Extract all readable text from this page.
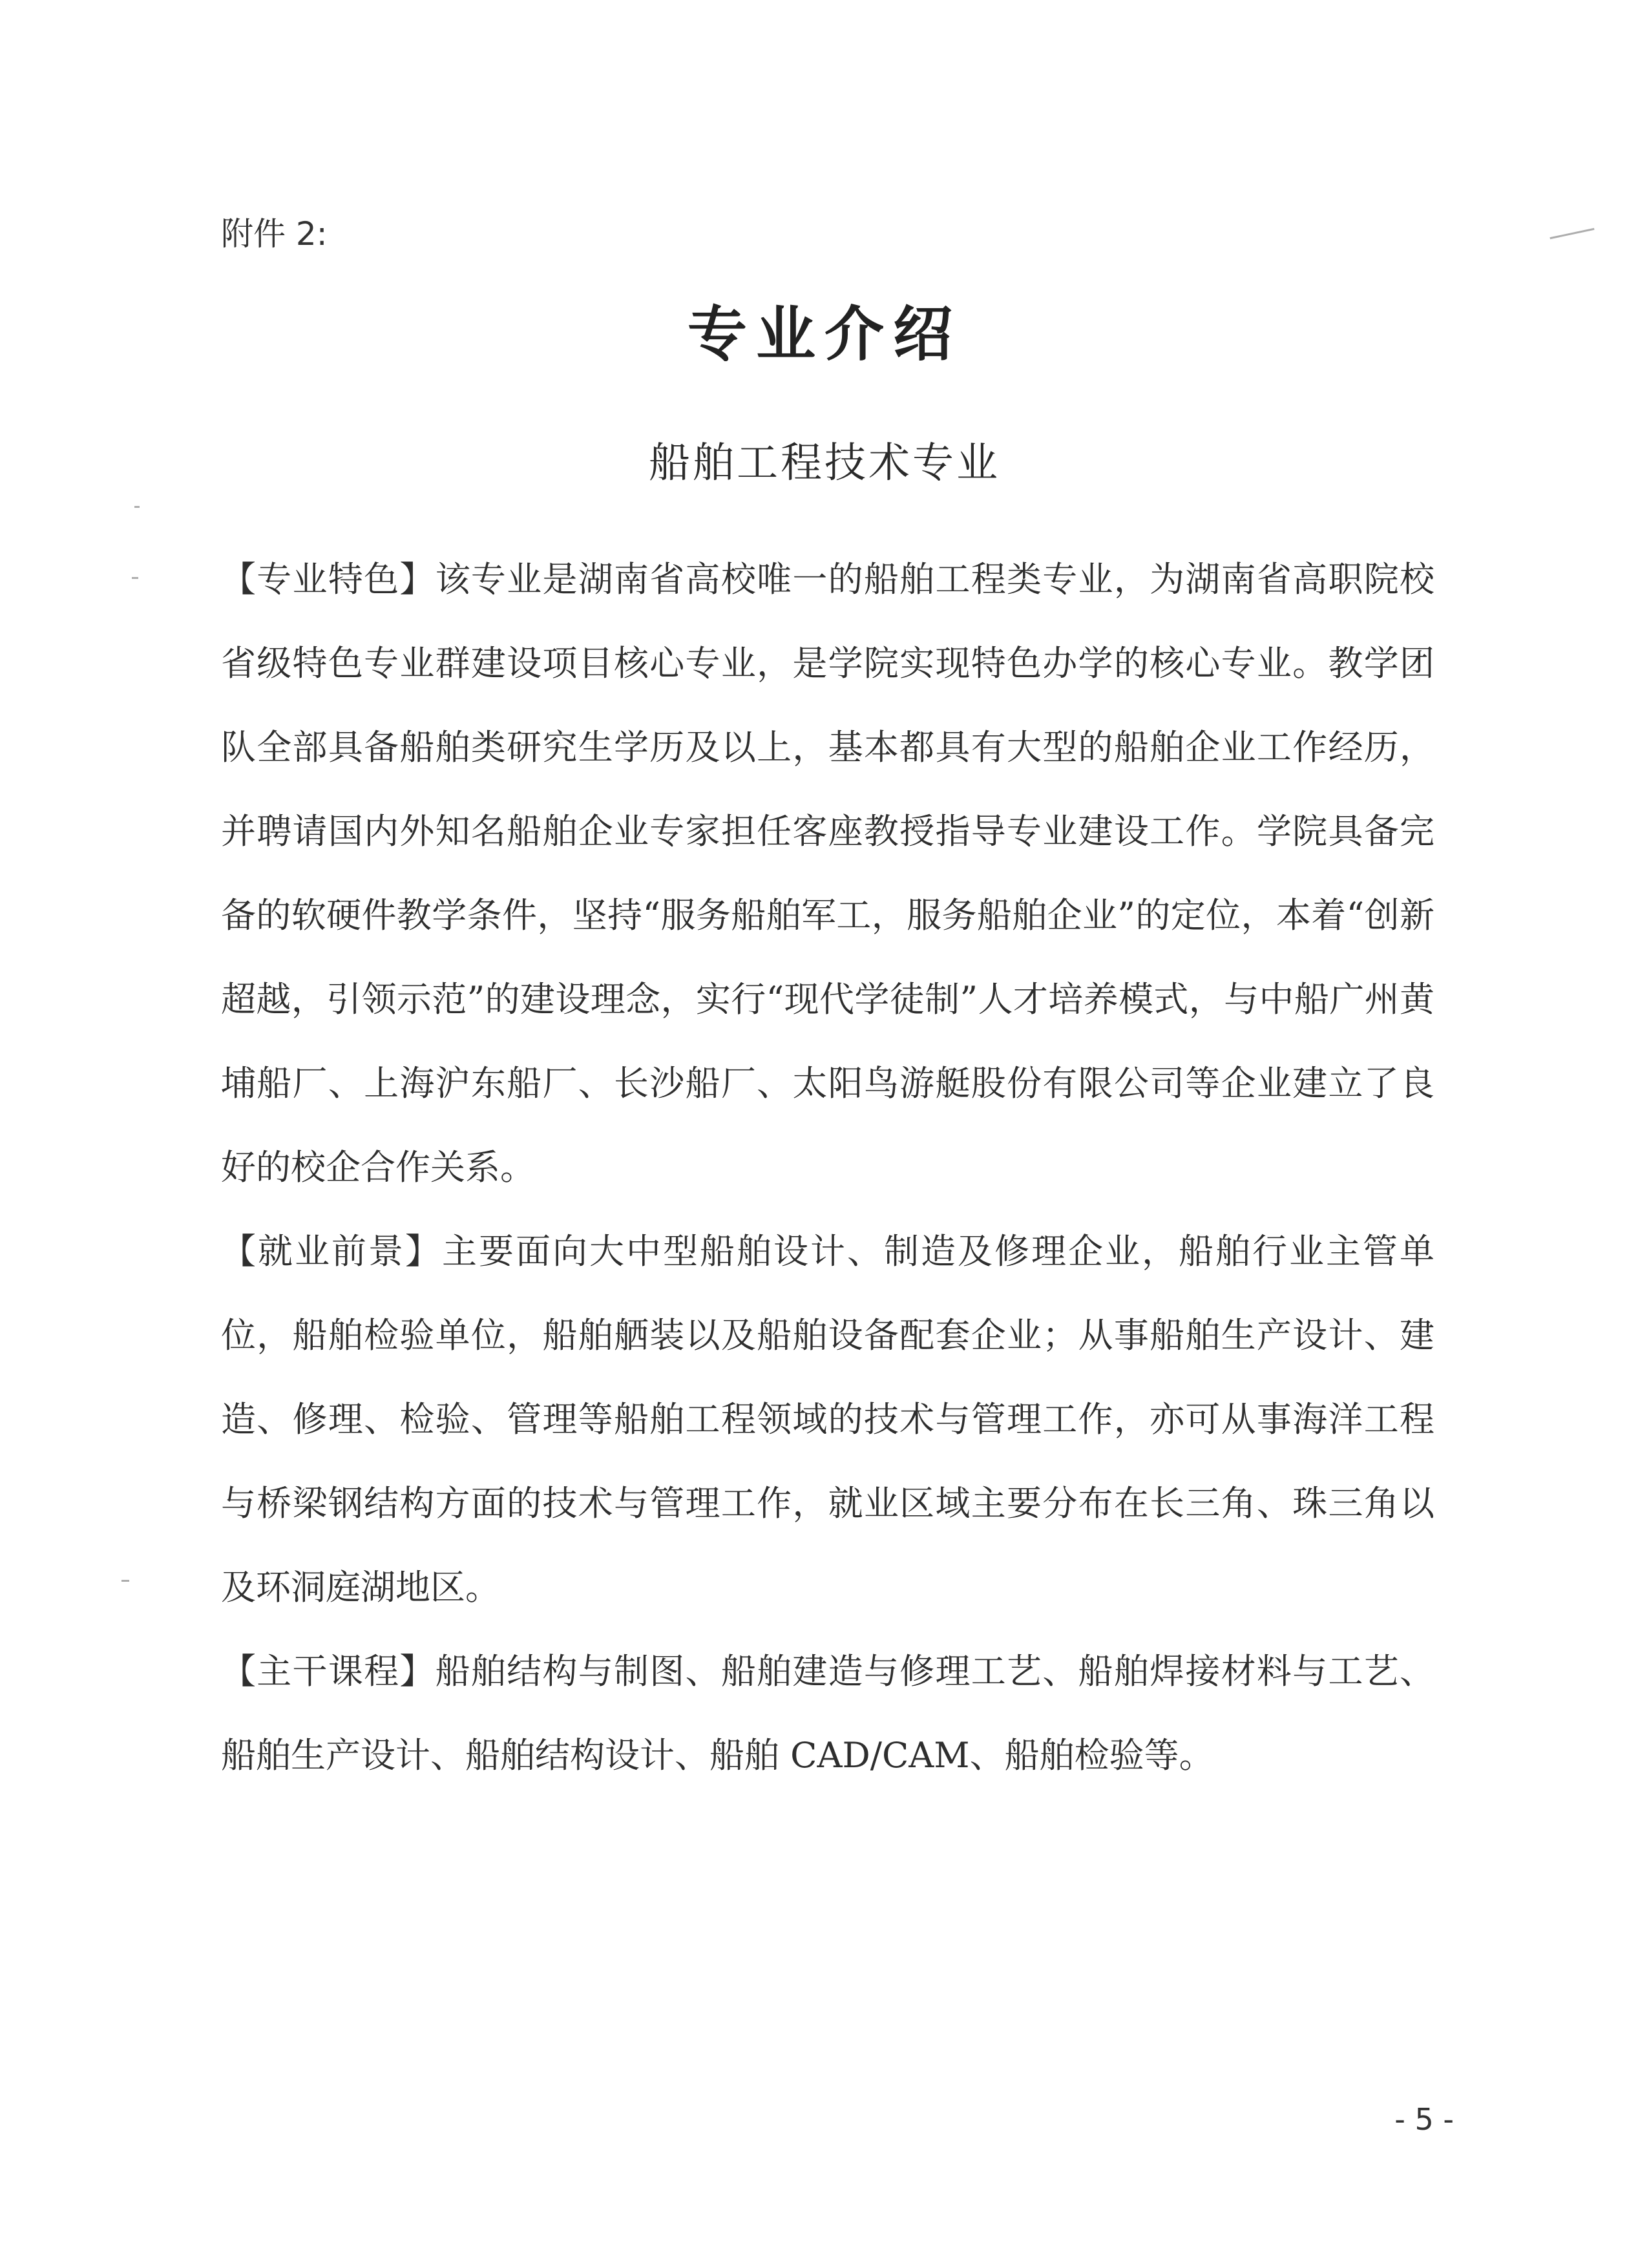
附件 2:
专业介绍
船舶工程技术专业

【专业特色】该专业是湖南省高校唯一的船舶工程类专业，为湖南省高职院校省级特色专业群建设项目核心专业，是学院实现特色办学的核心专业。教学团队全部具备船舶类研究生学历及以上，基本都具有大型的船舶企业工作经历，并聘请国内外知名船舶企业专家担任客座教授指导专业建设工作。学院具备完备的软硬件教学条件，坚持“服务船舶军工，服务船舶企业”的定位，本着“创新超越，引领示范”的建设理念，实行“现代学徒制”人才培养模式，与中船广州黄埔船厂、上海沪东船厂、长沙船厂、太阳鸟游艇股份有限公司等企业建立了良好的校企合作关系。

【就业前景】主要面向大中型船舶设计、制造及修理企业，船舶行业主管单位，船舶检验单位，船舶舾装以及船舶设备配套企业；从事船舶生产设计、建造、修理、检验、管理等船舶工程领域的技术与管理工作，亦可从事海洋工程与桥梁钢结构方面的技术与管理工作，就业区域主要分布在长三角、珠三角以及环洞庭湖地区。

【主干课程】船舶结构与制图、船舶建造与修理工艺、船舶焊接材料与工艺、船舶生产设计、船舶结构设计、船舶 CAD/CAM、船舶检验等。

- 5 -
